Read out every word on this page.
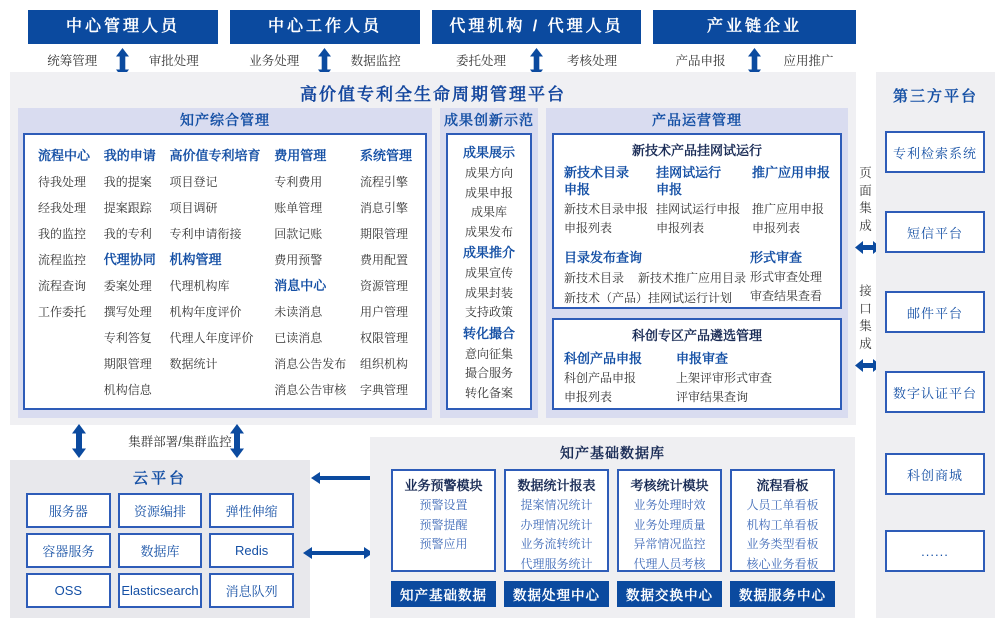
中心管理人员
统筹管理	审批处理
中心工作人员
业务处理	数据监控
代理机构 / 代理人员
委托处理	考核处理
产业链企业
产品申报	应用推广
高价值专利全生命周期管理平台
知产综合管理
流程中心
待我处理
经我处理
我的监控
流程监控
流程查询
工作委托
我的申请
我的提案
提案跟踪
我的专利
代理协同
委案处理
撰写处理
专利答复
期限管理
机构信息
高价值专利培育
项目登记
项目调研
专利申请衔接
机构管理
代理机构库
机构年度评价
代理人年度评价
数据统计
费用管理
专利费用
账单管理
回款记账
费用预警
消息中心
未读消息
已读消息
消息公告发布
消息公告审核
系统管理
流程引擎
消息引擎
期限管理
费用配置
资源管理
用户管理
权限管理
组织机构
字典管理
成果创新示范
成果展示
成果方向
成果申报
成果库
成果发布
成果推介
成果宣传
成果封装
支持政策
转化撮合
意向征集
撮合服务
转化备案
产品运营管理
新技术产品挂网试运行
新技术目录申报
新技术目录申报
申报列表
挂网试运行申报
挂网试运行申报
申报列表
推广应用申报
推广应用申报
申报列表
目录发布查询
新技术目录 新技术推广应用目录
新技术（产品）挂网试运行计划
形式审查
形式审查处理
审查结果查看
科创专区产品遴选管理
科创产品申报
科创产品申报
申报列表
申报审查
上架评审形式审查
评审结果查询
页面集成
接口集成
第三方平台
专利检索系统
短信平台
邮件平台
数字认证平台
科创商城
......
集群部署/集群监控
云平台
服务器	资源编排	弹性伸缩
容器服务	数据库	Redis
OSS	Elasticsearch	消息队列
知产基础数据库
业务预警模块
预警设置
预警提醒
预警应用
数据统计报表
提案情况统计
办理情况统计
业务流转统计
代理服务统计
考核统计模块
业务处理时效
业务处理质量
异常情况监控
代理人员考核
流程看板
人员工单看板
机构工单看板
业务类型看板
核心业务看板
知产基础数据	数据处理中心	数据交换中心	数据服务中心
